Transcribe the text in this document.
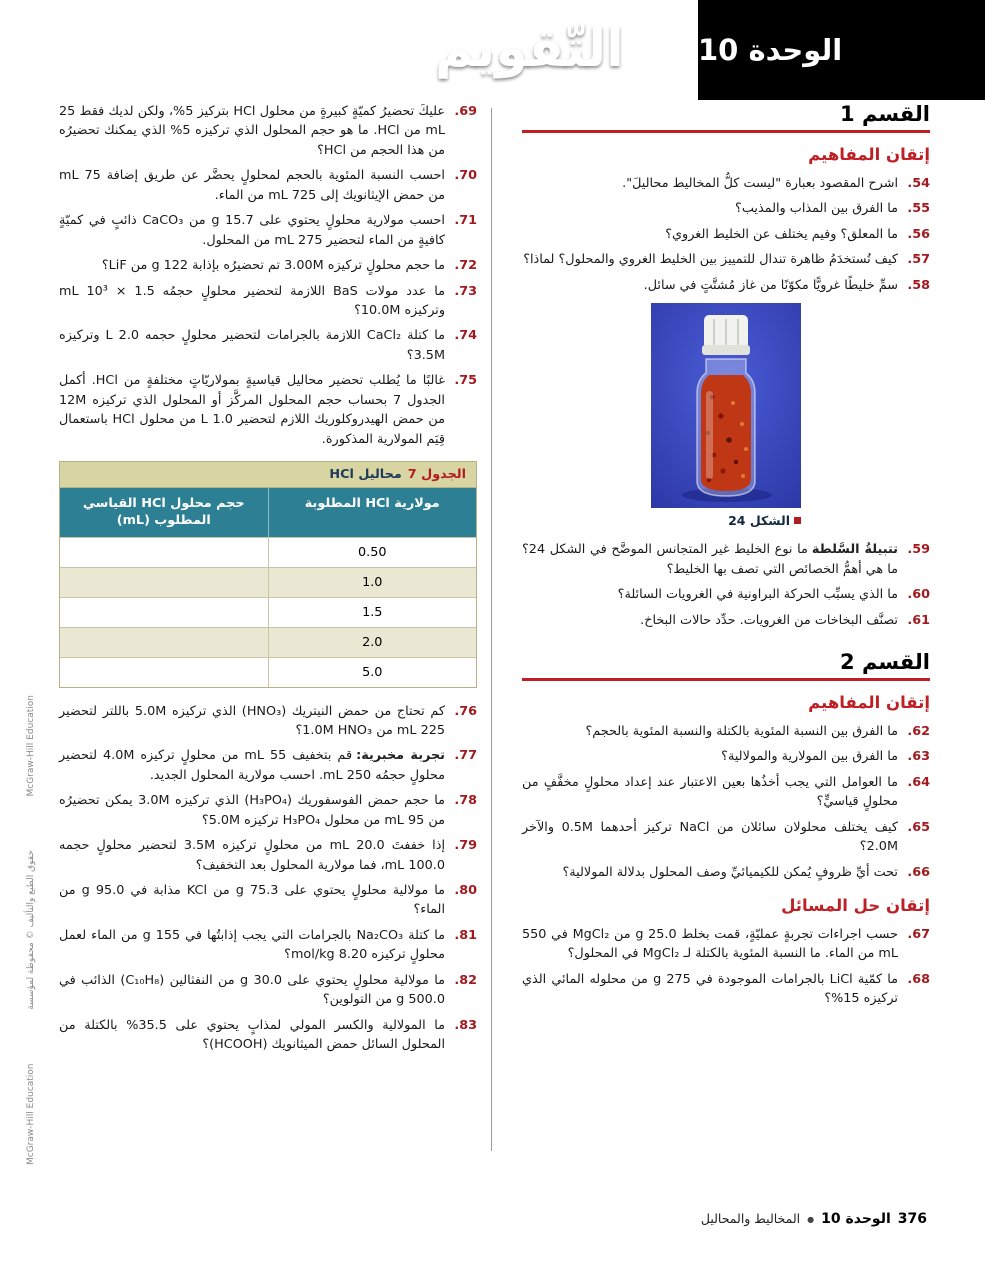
التّقويم	الوحدة 10
القسم 1
إتقان المفاهيم
54.

اشرح المقصود بعبارة "ليست كلُّ المخاليط محاليلَ".

55.

ما الفرق بين المذاب والمذيب؟

56.

ما المعلق؟ وفيم يختلف عن الخليط الغروي؟

57.

كيف تُستخدَمُ ظاهرة تندال للتمييز بين الخليط الغروي والمحلول؟ لماذا؟

58.

سمِّ خليطًا غرويًّا مكوّنًا من غاز مُشتَّتٍ في سائل.

الشكل 24
59.

تتبيلةُ السَّلطةما نوع الخليط غير المتجانس الموضَّح في الشكل 24؟ ما هي أهمُّ الخصائص التي تصف بها الخليط؟

60.

ما الذي يسبِّب الحركة البراونية في الغرويات السائلة؟

61.

تصنَّف البخاخات من الغرويات. حدِّد حالات البخاخ.

القسم 2
إتقان المفاهيم
62.

ما الفرق بين النسبة المئوية بالكتلة والنسبة المئوية بالحجم؟

63.

ما الفرق بين المولارية والمولالية؟

64.

ما العوامل التي يجب أخذُها بعين الاعتبار عند إعداد محلولٍ مخفَّفٍ من محلولٍ قياسيٍّ؟

65.

كيف يختلف محلولان سائلان من NaCl تركيز أحدهما 0.5M والآخر 2.0M؟

66.

تحت أيِّ ظروفٍ يُمكن للكيميائيِّ وصف المحلول بدلالة المولالية؟

إتقان حل المسائل
67.

حسب اجراءات تجربةٍ عمليّةٍ، قمت بخلط 25.0 g من MgCl₂ في 550 mL من الماء. ما النسبة المئوية بالكتلة لـ MgCl₂ في المحلول؟

68.

ما كمّية LiCl بالجرامات الموجودة في 275 g من محلوله المائي الذي تركيزه 15%؟

69.

عليكَ تحضيرُ كميّةٍ كبيرةٍ من محلول HCl بتركيز 5%، ولكن لديك فقط 25 mL من HCl. ما هو حجم المحلول الذي تركيزه 5% الذي يمكنك تحضيرُه من هذا الحجم من HCl؟

70.

احسب النسبة المئوية بالحجم لمحلولٍ يحضَّر عن طريق إضافة 75 mL من حمض الإيثانويك إلى 725 mL من الماء.

71.

احسب مولارية محلولٍ يحتوي على 15.7 g من CaCO₃ ذائبٍ في كميّةٍ كافيةٍ من الماء لتحضير 275 mL من المحلول.

72.

ما حجم محلولٍ تركيزه 3.00M تم تحضيرُه بإذابة 122 g من LiF؟

73.

ما عدد مولات BaS اللازمة لتحضير محلولٍ حجمُه 1.5 × 10³ mL وتركيزه 10.0M؟

74.

ما كتلة CaCl₂ اللازمة بالجرامات لتحضير محلولٍ حجمه 2.0 L وتركيزه 3.5M؟

75.

غالبًا ما يُطلب تحضير محاليل قياسيةٍ بمولاريّاتٍ مختلفةٍ من HCl. أكمل الجدول 7 بحساب حجم المحلول المركَّز أو المحلول الذي تركيزه 12M من حمض الهيدروكلوريك اللازم لتحضير 1.0 L من محلول HCl باستعمال قِيَم المولارية المذكورة.

الجدول 7
محاليل HCl
مولارية HCl المطلوبة
حجم محلول HCl القياسي المطلوب (mL)
0.50
1.0
1.5
2.0
5.0
76.

كم تحتاج من حمض النيتريك (HNO₃) الذي تركيزه 5.0M باللتر لتحضير 225 mL من 1.0M HNO₃؟

77.

تجربة مخبرية:قم بتخفيف 55 mL من محلولٍ تركيزه 4.0M لتحضير محلولٍ حجمُه 250 mL. احسب مولارية المحلول الجديد.

78.

ما حجم حمض الفوسفوريك (H₃PO₄) الذي تركيزه 3.0M يمكن تحضيرُه من 95 mL من محلول H₃PO₄ تركيزه 5.0M؟

79.

إذا خففتَ 20.0 mL من محلولٍ تركيزه 3.5M لتحضير محلولٍ حجمه 100.0 mL، فما مولارية المحلول بعد التخفيف؟

80.

ما مولالية محلولٍ يحتوي على 75.3 g من KCl مذابة في 95.0 g من الماء؟

81.

ما كتلة Na₂CO₃ بالجرامات التي يجب إذابتُها في 155 g من الماء لعمل محلولٍ تركيزه 8.20 mol/kg؟

82.

ما مولالية محلولٍ يحتوي على 30.0 g من النفثالين (C₁₀H₈) الذائب في 500.0 g من التولوين؟

83.

ما المولالية والكسر المولي لمذابٍ يحتوي على 35.5% بالكتلة من المحلول السائل حمض الميثانويك (HCOOH)؟

McGraw-Hill Education
حقوق الطبع والتأليف © محفوظة لمؤسسة
McGraw-Hill Education
376
الوحدة 10
●
المخاليط والمحاليل
